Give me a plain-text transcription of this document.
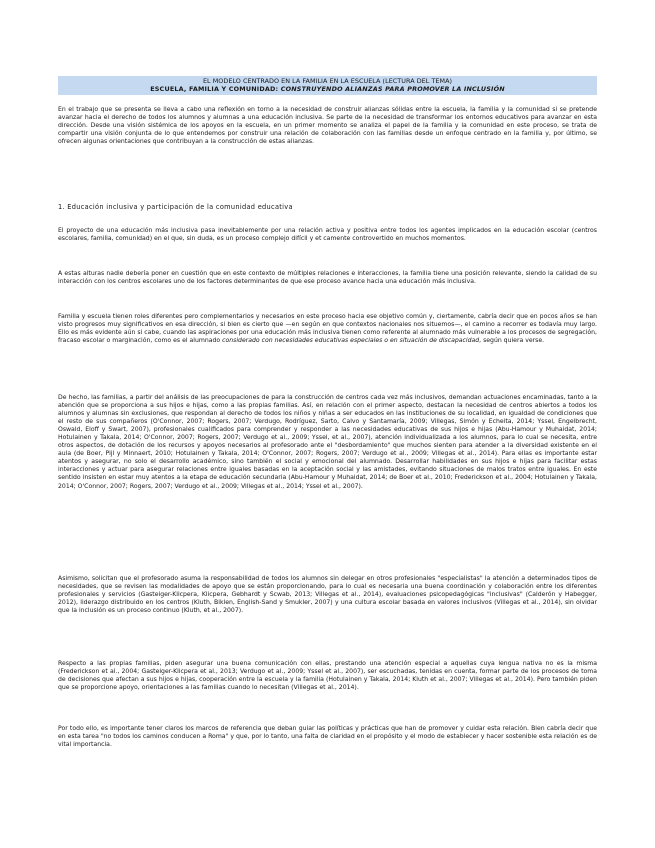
EL MODELO CENTRADO EN LA FAMILIA EN LA ESCUELA (LECTURA DEL TEMA)
ESCUELA, FAMILIA Y COMUNIDAD: CONSTRUYENDO ALIANZAS PARA PROMOVER LA INCLUSIÓN

En el trabajo que se presenta se lleva a cabo una reflexión en torno a la necesidad de construir alianzas sólidas entre la escuela, la familia y la comunidad si se pretende avanzar hacia el derecho de todos los alumnos y alumnas a una educación inclusiva. Se parte de la necesidad de transformar los entornos educativos para avanzar en esta dirección. Desde una visión sistémica de los apoyos en la escuela, en un primer momento se analiza el papel de la familia y la comunidad en este proceso, se trata de compartir una visión conjunta de lo que entendemos por construir una relación de colaboración con las familias desde un enfoque centrado en la familia y, por último, se ofrecen algunas orientaciones que contribuyan a la construcción de estas alianzas.

1. Educación inclusiva y participación de la comunidad educativa

El proyecto de una educación más inclusiva pasa inevitablemente por una relación activa y positiva entre todos los agentes implicados en la educación escolar (centros escolares, familia, comunidad) en el que, sin duda, es un proceso complejo difícil y et camente controvertido en muchos momentos.

A estas alturas nadie debería poner en cuestión que en este contexto de múltiples relaciones e interacciones, la familia tiene una posición relevante, siendo la calidad de su interacción con los centros escolares uno de los factores determinantes de que ese proceso avance hacia una educación más inclusiva.

Familia y escuela tienen roles diferentes pero complementarios y necesarios en este proceso hacia ese objetivo común y, ciertamente, cabría decir que en pocos años se han visto progresos muy significativos en esa dirección, si bien es cierto que —en según en que contextos nacionales nos situemos—, el camino a recorrer es todavía muy largo. Ello es más evidente aún si cabe, cuando las aspiraciones por una educación más inclusiva tienen como referente al alumnado más vulnerable a los procesos de segregación, fracaso escolar o marginación, como es el alumnado considerado con necesidades educativas especiales o en situación de discapacidad, según quiera verse.

De hecho, las familias, a partir del análisis de las preocupaciones de para la construcción de centros cada vez más inclusivos, demandan actuaciones encaminadas, tanto a la atención que se proporciona a sus hijos e hijas, como a las propias familias. Así, en relación con el primer aspecto, destacan la necesidad de centros abiertos a todos los alumnos y alumnas sin exclusiones, que respondan al derecho de todos los niños y niñas a ser educados en las instituciones de su localidad, en igualdad de condiciones que el resto de sus compañeros (O'Connor, 2007; Rogers, 2007; Verdugo, Rodríguez, Sarto, Calvo y Santamaría, 2009; Villegas, Simón y Echeita, 2014; Yssel, Engelbrecht, Oswald, Eloff y Swart, 2007), profesionales cualificados para comprender y responder a las necesidades educativas de sus hijos e hijas (Abu-Hamour y Muhaidat, 2014; Hotulainen y Takala, 2014; O'Connor, 2007; Rogers, 2007; Verdugo et al., 2009; Yssel, et al., 2007), atención individualizada a los alumnos, para lo cual se necesita, entre otros aspectos, de dotación de los recursos y apoyos necesarios al profesorado ante el "desbordamiento" que muchos sienten para atender a la diversidad existente en el aula (de Boer, Pijl y Minnaert, 2010; Hotulainen y Takala, 2014; O'Connor, 2007; Rogers, 2007; Verdugo et al., 2009; Villegas et al., 2014). Para ellas es importante estar atentos y asegurar, no solo el desarrollo académico, sino también el social y emocional del alumnado. Desarrollar habilidades en sus hijos e hijas para facilitar estas interacciones y actuar para asegurar relaciones entre iguales basadas en la aceptación social y las amistades, evitando situaciones de malos tratos entre iguales. En este sentido insisten en estar muy atentos a la etapa de educación secundaria (Abu-Hamour y Muhaidat, 2014; de Boer et al., 2010; Frederickson et al., 2004; Hotulainen y Takala, 2014; O'Connor, 2007; Rogers, 2007; Verdugo et al., 2009; Villegas et al., 2014; Yssel et al., 2007).

Asimismo, solicitan que el profesorado asuma la responsabilidad de todos los alumnos sin delegar en otros profesionales "especialistas" la atención a determinados tipos de necesidades, que se revisen las modalidades de apoyo que se están proporcionando, para lo cual es necesaria una buena coordinación y colaboración entre los diferentes profesionales y servicios (Gasteiger-Klicpera, Klicpera, Gebhardt y Scwab, 2013; Villegas et al., 2014), evaluaciones psicopedagógicas "inclusivas" (Calderón y Habegger, 2012), liderazgo distribuido en los centros (Kluth, Biklen, English-Sand y Smukler, 2007) y una cultura escolar basada en valores inclusivos (Villegas et al., 2014), sin olvidar que la inclusión es un proceso continuo (Kluth, et al., 2007).

Respecto a las propias familias, piden asegurar una buena comunicación con ellas, prestando una atención especial a aquellas cuya lengua nativa no es la misma (Frederickson et al., 2004; Gasteiger-Klicpera et al., 2013; Verdugo et al., 2009; Yssel et al., 2007), ser escuchadas, tenidas en cuenta, formar parte de los procesos de toma de decisiones que afectan a sus hijos e hijas, cooperación entre la escuela y la familia (Hotulainen y Takala, 2014; Kluth et al., 2007; Villegas et al., 2014). Pero también piden que se proporcione apoyo, orientaciones a las familias cuando lo necesitan (Villegas et al., 2014).

Por todo ello, es importante tener claros los marcos de referencia que deban guiar las políticas y prácticas que han de promover y cuidar esta relación. Bien cabría decir que en esta tarea "no todos los caminos conducen a Roma" y que, por lo tanto, una falta de claridad en el propósito y el modo de establecer y hacer sostenible esta relación es de vital importancia.
